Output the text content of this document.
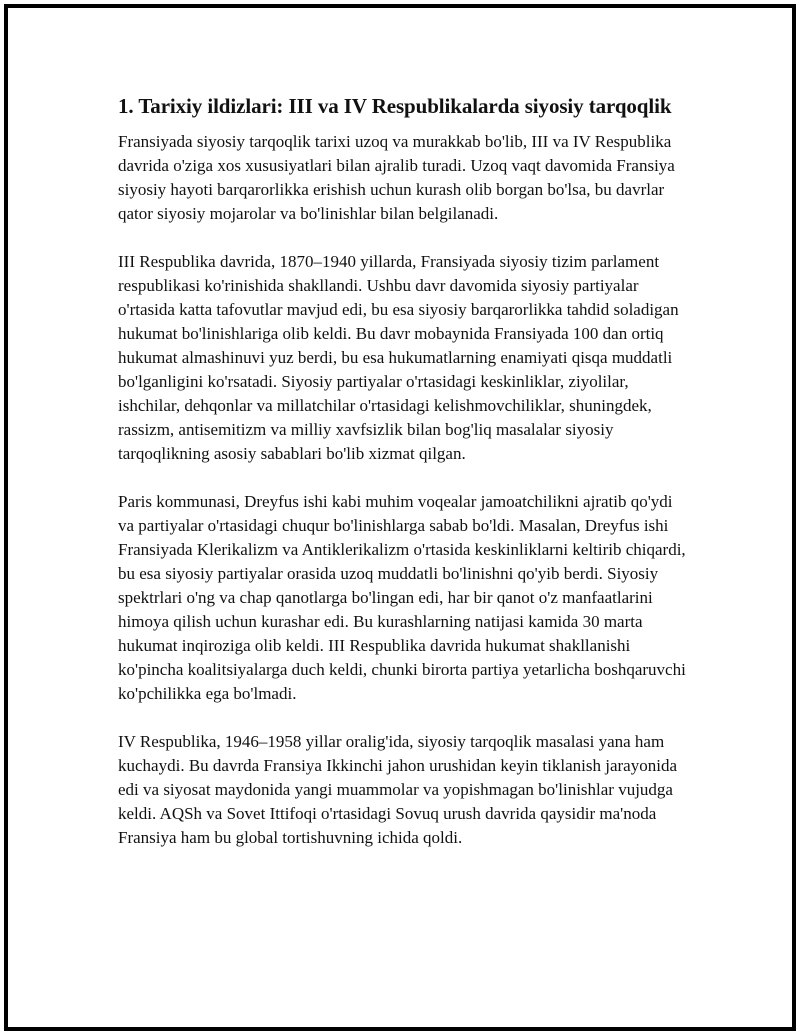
1. Tarixiy ildizlari: III va IV Respublikalarda siyosiy tarqoqlik

Fransiyada siyosiy tarqoqlik tarixi uzoq va murakkab bo'lib, III va IV Respublika davrida o'ziga xos xususiyatlari bilan ajralib turadi. Uzoq vaqt davomida Fransiya siyosiy hayoti barqarorlikka erishish uchun kurash olib borgan bo'lsa, bu davrlar qator siyosiy mojarolar va bo'linishlar bilan belgilanadi.

III Respublika davrida, 1870–1940 yillarda, Fransiyada siyosiy tizim parlament respublikasi ko'rinishida shakllandi. Ushbu davr davomida siyosiy partiyalar o'rtasida katta tafovutlar mavjud edi, bu esa siyosiy barqarorlikka tahdid soladigan hukumat bo'linishlariga olib keldi. Bu davr mobaynida Fransiyada 100 dan ortiq hukumat almashinuvi yuz berdi, bu esa hukumatlarning enamiyati qisqa muddatli bo'lganligini ko'rsatadi. Siyosiy partiyalar o'rtasidagi keskinliklar, ziyolilar, ishchilar, dehqonlar va millatchilar o'rtasidagi kelishmovchiliklar, shuningdek, rassizm, antisemitizm va milliy xavfsizlik bilan bog'liq masalalar siyosiy tarqoqlikning asosiy sabablari bo'lib xizmat qilgan.

Paris kommunasi, Dreyfus ishi kabi muhim voqealar jamoatchilikni ajratib qo'ydi va partiyalar o'rtasidagi chuqur bo'linishlarga sabab bo'ldi. Masalan, Dreyfus ishi Fransiyada Klerikalizm va Antiklerikalizm o'rtasida keskinliklarni keltirib chiqardi, bu esa siyosiy partiyalar orasida uzoq muddatli bo'linishni qo'yib berdi. Siyosiy spektrlari o'ng va chap qanotlarga bo'lingan edi, har bir qanot o'z manfaatlarini himoya qilish uchun kurashar edi. Bu kurashlarning natijasi kamida 30 marta hukumat inqiroziga olib keldi. III Respublika davrida hukumat shakllanishi ko'pincha koalitsiyalarga duch keldi, chunki birorta partiya yetarlicha boshqaruvchi ko'pchilikka ega bo'lmadi.

IV Respublika, 1946–1958 yillar oralig'ida, siyosiy tarqoqlik masalasi yana ham kuchaydi. Bu davrda Fransiya Ikkinchi jahon urushidan keyin tiklanish jarayonida edi va siyosat maydonida yangi muammolar va yopishmagan bo'linishlar vujudga keldi. AQSh va Sovet Ittifoqi o'rtasidagi Sovuq urush davrida qaysidir ma'noda Fransiya ham bu global tortishuvning ichida qoldi.
